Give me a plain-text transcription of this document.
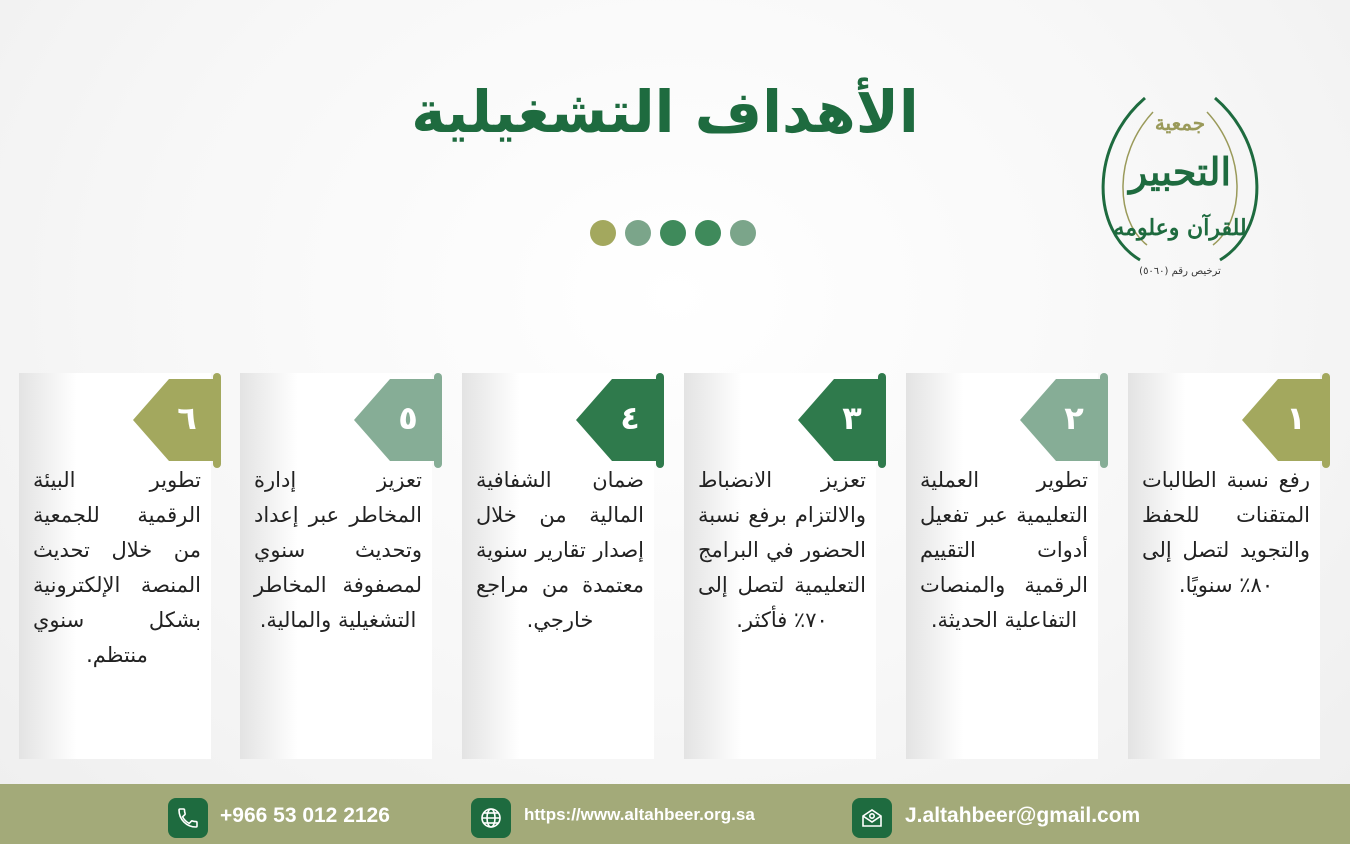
الأهداف التشغيلية	جمعية
التحبير
للقرآن وعلومه
ترخيص رقم (٥٠٦٠)
١
رفع نسبة الطالبات المتقنات للحفظ والتجويد لتصل إلى ٨٠٪ سنويًا.
٢
تطوير العملية التعليمية عبر تفعيل أدوات التقييم الرقمية والمنصات التفاعلية الحديثة.
٣
تعزيز الانضباط والالتزام برفع نسبة الحضور في البرامج التعليمية لتصل إلى ٧٠٪ فأكثر.
٤
ضمان الشفافية المالية من خلال إصدار تقارير سنوية معتمدة من مراجع خارجي.
٥
تعزيز إدارة المخاطر عبر إعداد وتحديث سنوي لمصفوفة المخاطر التشغيلية والمالية.
٦
تطوير البيئة الرقمية للجمعية من خلال تحديث المنصة الإلكترونية بشكل سنوي منتظم.
+966 53 012 2126	https://www.altahbeer.org.sa	J.altahbeer@gmail.com
